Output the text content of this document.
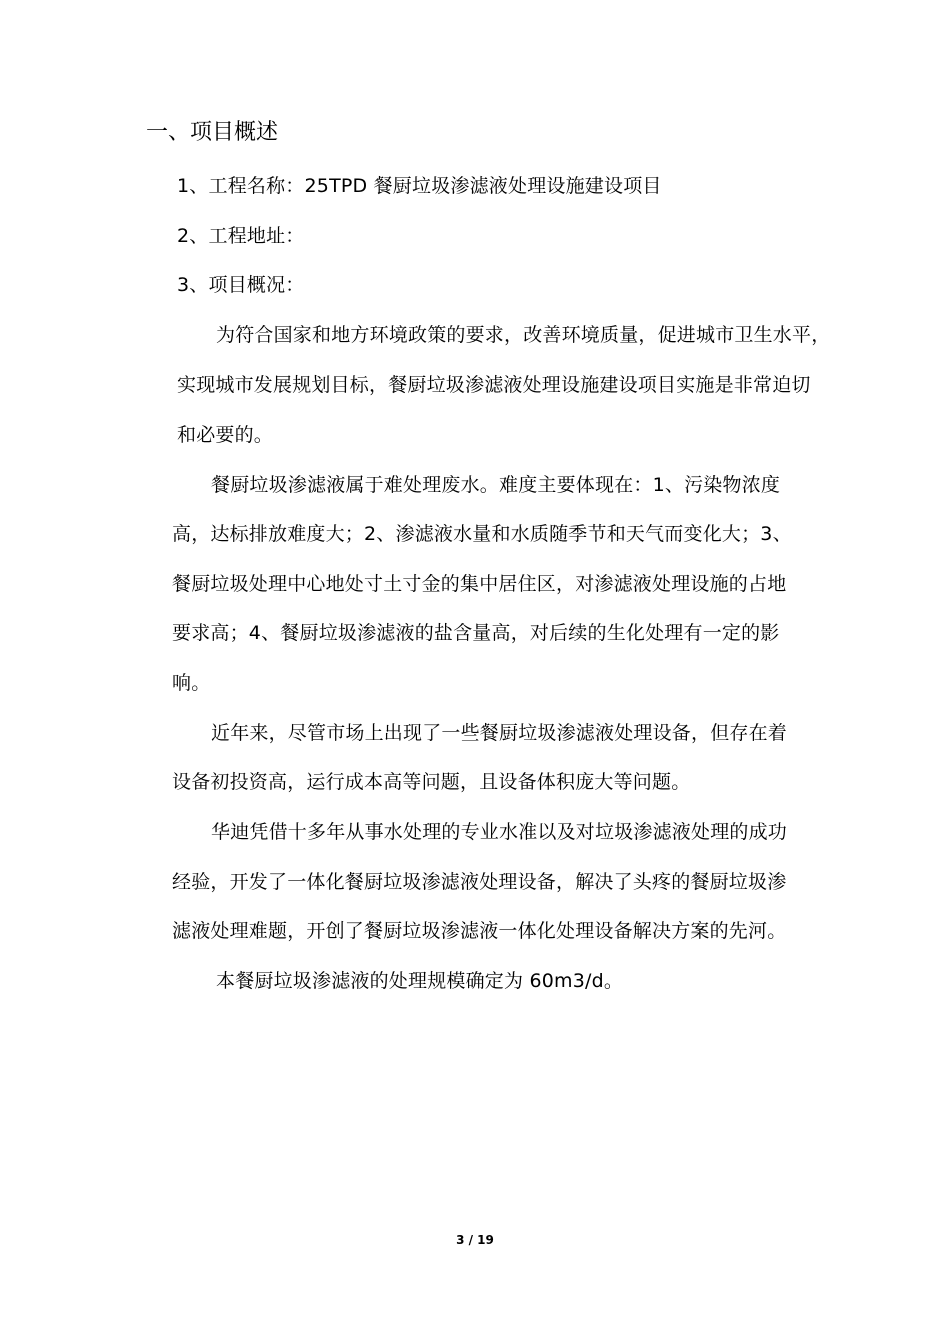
一、项目概述
1、工程名称：25TPD 餐厨垃圾渗滤液处理设施建设项目
2、工程地址：
3、项目概况：
为符合国家和地方环境政策的要求，改善环境质量，促进城市卫生水平，
实现城市发展规划目标，餐厨垃圾渗滤液处理设施建设项目实施是非常迫切
和必要的。
餐厨垃圾渗滤液属于难处理废水。难度主要体现在：1、污染物浓度
高，达标排放难度大；2、渗滤液水量和水质随季节和天气而变化大；3、
餐厨垃圾处理中心地处寸土寸金的集中居住区，对渗滤液处理设施的占地
要求高；4、餐厨垃圾渗滤液的盐含量高，对后续的生化处理有一定的影
响。
近年来，尽管市场上出现了一些餐厨垃圾渗滤液处理设备，但存在着
设备初投资高，运行成本高等问题，且设备体积庞大等问题。
华迪凭借十多年从事水处理的专业水准以及对垃圾渗滤液处理的成功
经验，开发了一体化餐厨垃圾渗滤液处理设备，解决了头疼的餐厨垃圾渗
滤液处理难题，开创了餐厨垃圾渗滤液一体化处理设备解决方案的先河。
本餐厨垃圾渗滤液的处理规模确定为 60m3/d。
3 / 19
